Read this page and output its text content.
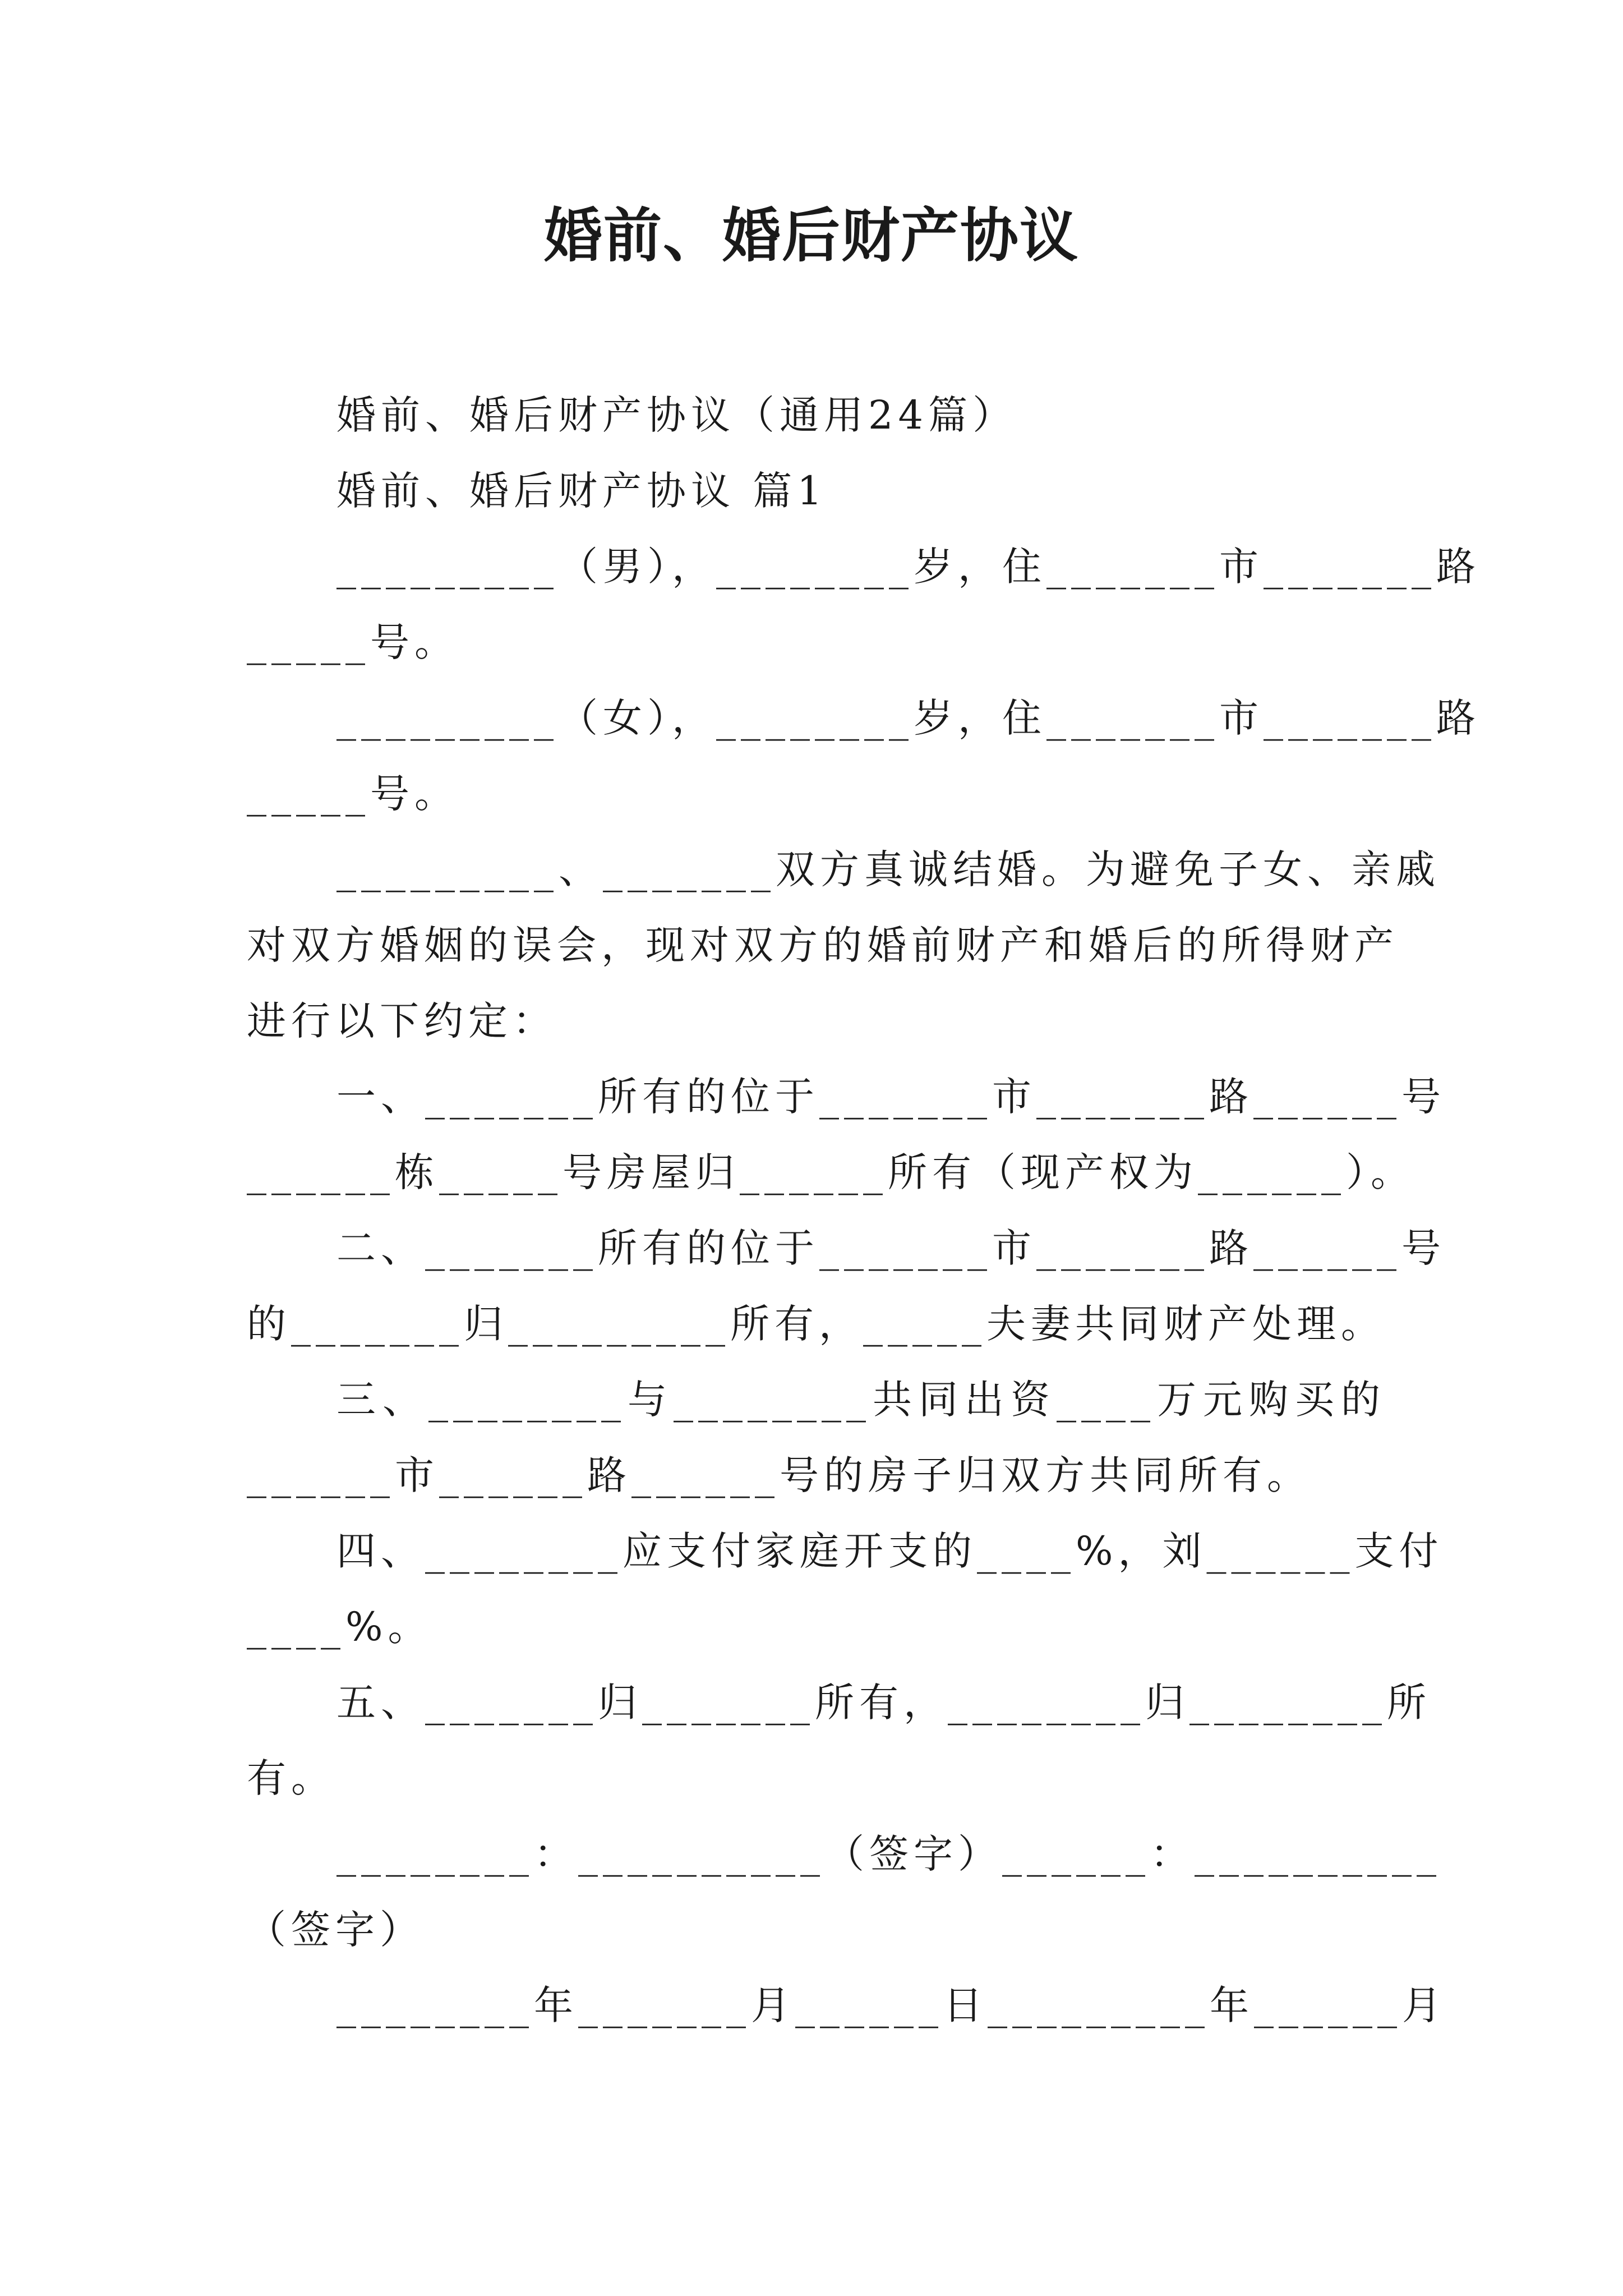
婚前、婚后财产协议
婚前、婚后财产协议（通用24篇）
婚前、婚后财产协议 篇1
_________（男），________岁，住_______市_______路
_____号。
_________（女），________岁，住_______市_______路
_____号。
_________、_______双方真诚结婚。为避免子女、亲戚
对双方婚姻的误会，现对双方的婚前财产和婚后的所得财产
进行以下约定：
一、_______所有的位于_______市_______路______号
______栋_____号房屋归______所有（现产权为______）。
二、_______所有的位于_______市_______路______号
的_______归_________所有，_____夫妻共同财产处理。
三、________与________共同出资____万元购买的
______市______路______号的房子归双方共同所有。
四、________应支付家庭开支的____%，刘______支付
____%。
五、_______归_______所有，________归________所
有。
________：__________（签字）______：__________
（签字）
________年_______月______日_________年______月
